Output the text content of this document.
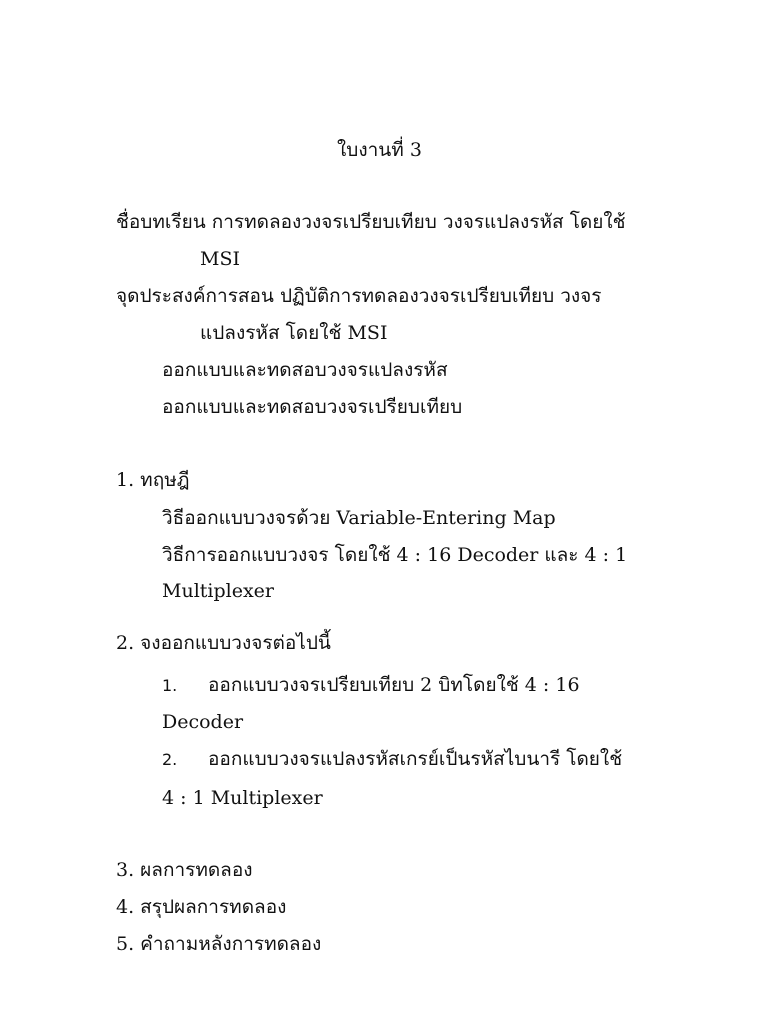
ใบงานที่ 3
ชื่อบทเรียน การทดลองวงจรเปรียบเทียบ วงจรแปลงรหัส โดยใช้
MSI
จุดประสงค์การสอน ปฏิบัติการทดลองวงจรเปรียบเทียบ วงจร
แปลงรหัส โดยใช้ MSI
ออกแบบและทดสอบวงจรแปลงรหัส
ออกแบบและทดสอบวงจรเปรียบเทียบ
1. ทฤษฎี
วิธีออกแบบวงจรด้วย Variable-Entering Map
วิธีการออกแบบวงจร โดยใช้ 4 : 16 Decoder และ 4 : 1
Multiplexer
2. จงออกแบบวงจรต่อไปนี้
1. ออกแบบวงจรเปรียบเทียบ 2 บิทโดยใช้ 4 : 16
Decoder
2. ออกแบบวงจรแปลงรหัสเกรย์เป็นรหัสไบนารี โดยใช้
4 : 1 Multiplexer
3. ผลการทดลอง
4. สรุปผลการทดลอง
5. คำถามหลังการทดลอง
